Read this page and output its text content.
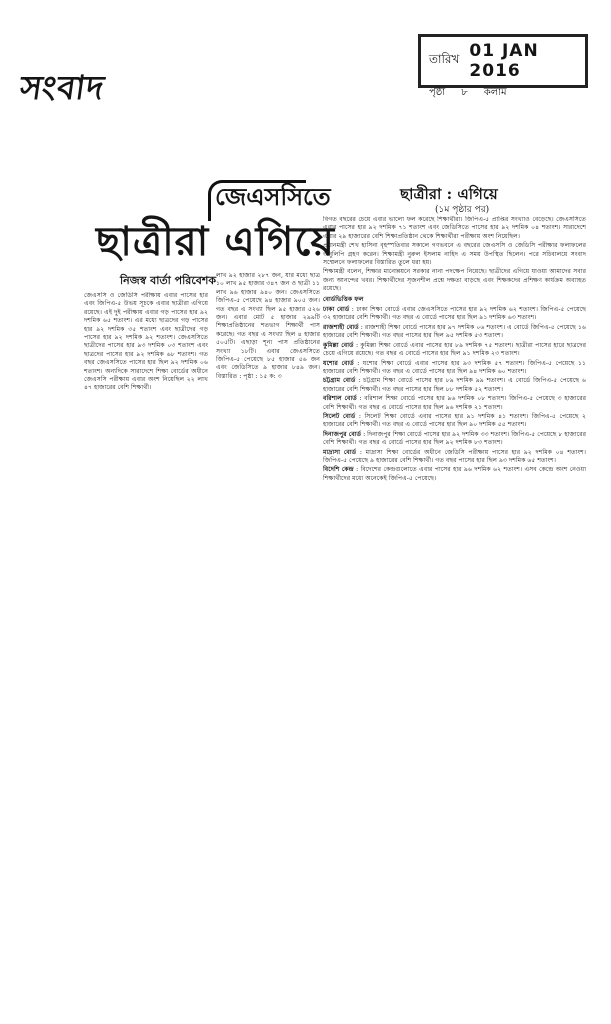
সংবাদ
তারিখ 01 JAN 2016
পৃষ্ঠা ৮ কলাম
জেএসসিতে
ছাত্রীরা এগিয়ে
নিজস্ব বার্তা পরিবেশক

জেএসসি ও জেডিসি পরীক্ষায় এবার পাসের হার এবং জিপিএ-৫ উভয় সূচকে এবার ছাত্রীরা এগিয়ে রয়েছে। এই দুই পরীক্ষায় এবার গড় পাসের হার ৯২ দশমিক ৬৫ শতাংশ। এর মধ্যে ছাত্রদের গড় পাসের হার ৯২ দশমিক ৩৫ শতাংশ এবং ছাত্রীদের গড় পাসের হার ৯২ দশমিক ৯২ শতাংশ। জেএসসিতে ছাত্রীদের পাসের হার ৯৩ দশমিক ০৩ শতাংশ এবং ছাত্রদের পাসের হার ৯২ দশমিক ৬৮ শতাংশ। গত বছর জেএসসিতে পাসের হার ছিল ৯২ দশমিক ০৬ শতাংশ। অন্যদিকে সারাদেশে শিক্ষা বোর্ডের অধীনে জেএসসি পরীক্ষায় এবার অংশ নিয়েছিল ২২ লাখ ৪৭ হাজারের বেশি শিক্ষার্থী।

লাখ ৯২ হাজার ২৮৭ জন, যার মধ্যে ছাত্র ১০ লাখ ৯৫ হাজার ৩৪৭ জন ও ছাত্রী ১১ লাখ ৯৬ হাজার ৯৪০ জন। জেএসসিতে জিপিএ-৫ পেয়েছে ৯৪ হাজার ৯০৫ জন। গত বছর এ সংখ্যা ছিল ৯৫ হাজার ৫২৬ জন। এবার মোট ৫ হাজার ২৯৯টি শিক্ষাপ্রতিষ্ঠানের শতভাগ শিক্ষার্থী পাস করেছে। গত বছর এ সংখ্যা ছিল ৪ হাজার ৫০৫টি। এছাড়া শূন্য পাস প্রতিষ্ঠানের সংখ্যা ১৮টি। এবার জেএসসিতে জিপিএ-৫ পেয়েছে ৮৫ হাজার ৫৬ জন এবং জেডিসিতে ৯ হাজার ৮৪৯ জন। বিস্তারিত : পৃষ্ঠা : ১৫ ক: ৩

ছাত্রীরা : এগিয়ে
(১ম পৃষ্ঠার পর)

বিগত বছরের চেয়ে এবার ভালো ফল করেছে শিক্ষার্থীরা। জিপিএ-৫ প্রাপ্তির সংখ্যাও বেড়েছে। জেএসসিতে এবার পাসের হার ৯২ দশমিক ৭১ শতাংশ এবং জেডিসিতে পাসের হার ৯২ দশমিক ০৪ শতাংশ। সারাদেশে এবার ২৯ হাজারের বেশি শিক্ষাপ্রতিষ্ঠান থেকে শিক্ষার্থীরা পরীক্ষায় অংশ নিয়েছিল।

প্রধানমন্ত্রী শেখ হাসিনা বৃহস্পতিবার সকালে গণভবনে এ বছরের জেএসসি ও জেডিসি পরীক্ষার ফলাফলের অনুলিপি গ্রহণ করেন। শিক্ষামন্ত্রী নুরুল ইসলাম নাহিদ এ সময় উপস্থিত ছিলেন। পরে সচিবালয়ে সংবাদ সম্মেলনে ফলাফলের বিস্তারিত তুলে ধরা হয়।

শিক্ষামন্ত্রী বলেন, শিক্ষার মানোন্নয়নে সরকার নানা পদক্ষেপ নিয়েছে। ছাত্রীদের এগিয়ে যাওয়া আমাদের সবার জন্য আনন্দের খবর। শিক্ষার্থীদের সৃজনশীল প্রশ্নে দক্ষতা বাড়ছে এবং শিক্ষকদের প্রশিক্ষণ কার্যক্রম অব্যাহত রয়েছে।

বোর্ডভিত্তিক ফল

ঢাকা বোর্ড : ঢাকা শিক্ষা বোর্ডে এবার জেএসসিতে পাসের হার ৯২ দশমিক ৬২ শতাংশ। জিপিএ-৫ পেয়েছে ৩২ হাজারের বেশি শিক্ষার্থী। গত বছর এ বোর্ডে পাসের হার ছিল ৯১ দশমিক ৬৩ শতাংশ।

রাজশাহী বোর্ড : রাজশাহী শিক্ষা বোর্ডে পাসের হার ৯৭ দশমিক ০৬ শতাংশ। এ বোর্ডে জিপিএ-৫ পেয়েছে ১৬ হাজারের বেশি শিক্ষার্থী। গত বছর পাসের হার ছিল ৯৫ দশমিক ৫৩ শতাংশ।

কুমিল্লা বোর্ড : কুমিল্লা শিক্ষা বোর্ডে এবার পাসের হার ৮৯ দশমিক ৭৫ শতাংশ। ছাত্রীরা পাসের হারে ছাত্রদের চেয়ে এগিয়ে রয়েছে। গত বছর এ বোর্ডে পাসের হার ছিল ৯১ দশমিক ২৩ শতাংশ।

যশোর বোর্ড : যশোর শিক্ষা বোর্ডে এবার পাসের হার ৯৩ দশমিক ৫৭ শতাংশ। জিপিএ-৫ পেয়েছে ১১ হাজারের বেশি শিক্ষার্থী। গত বছর এ বোর্ডে পাসের হার ছিল ৯৪ দশমিক ৬০ শতাংশ।

চট্টগ্রাম বোর্ড : চট্টগ্রাম শিক্ষা বোর্ডে পাসের হার ৮৯ দশমিক ৯৯ শতাংশ। এ বোর্ডে জিপিএ-৫ পেয়েছে ৬ হাজারের বেশি শিক্ষার্থী। গত বছর পাসের হার ছিল ৮৮ দশমিক ৫২ শতাংশ।

বরিশাল বোর্ড : বরিশাল শিক্ষা বোর্ডে পাসের হার ৯৬ দশমিক ০৮ শতাংশ। জিপিএ-৫ পেয়েছে ৩ হাজারের বেশি শিক্ষার্থী। গত বছর এ বোর্ডে পাসের হার ছিল ৯৬ দশমিক ২১ শতাংশ।

সিলেট বোর্ড : সিলেট শিক্ষা বোর্ডে এবার পাসের হার ৯১ দশমিক ৪১ শতাংশ। জিপিএ-৫ পেয়েছে ২ হাজারের বেশি শিক্ষার্থী। গত বছর এ বোর্ডে পাসের হার ছিল ৯০ দশমিক ৫৫ শতাংশ।

দিনাজপুর বোর্ড : দিনাজপুর শিক্ষা বোর্ডে পাসের হার ৯২ দশমিক ৩৩ শতাংশ। জিপিএ-৫ পেয়েছে ৮ হাজারের বেশি শিক্ষার্থী। গত বছর এ বোর্ডে পাসের হার ছিল ৯২ দশমিক ৮৩ শতাংশ।

মাদ্রাসা বোর্ড : মাদ্রাসা শিক্ষা বোর্ডের অধীনে জেডিসি পরীক্ষায় পাসের হার ৯২ দশমিক ০৪ শতাংশ। জিপিএ-৫ পেয়েছে ৯ হাজারের বেশি শিক্ষার্থী। গত বছর পাসের হার ছিল ৯৩ দশমিক ৬৫ শতাংশ।

বিদেশি কেন্দ্র : বিদেশের কেন্দ্রগুলোতে এবার পাসের হার ৯৬ দশমিক ৬২ শতাংশ। এসব কেন্দ্রে অংশ নেওয়া শিক্ষার্থীদের মধ্যে অনেকেই জিপিএ-৫ পেয়েছে।
